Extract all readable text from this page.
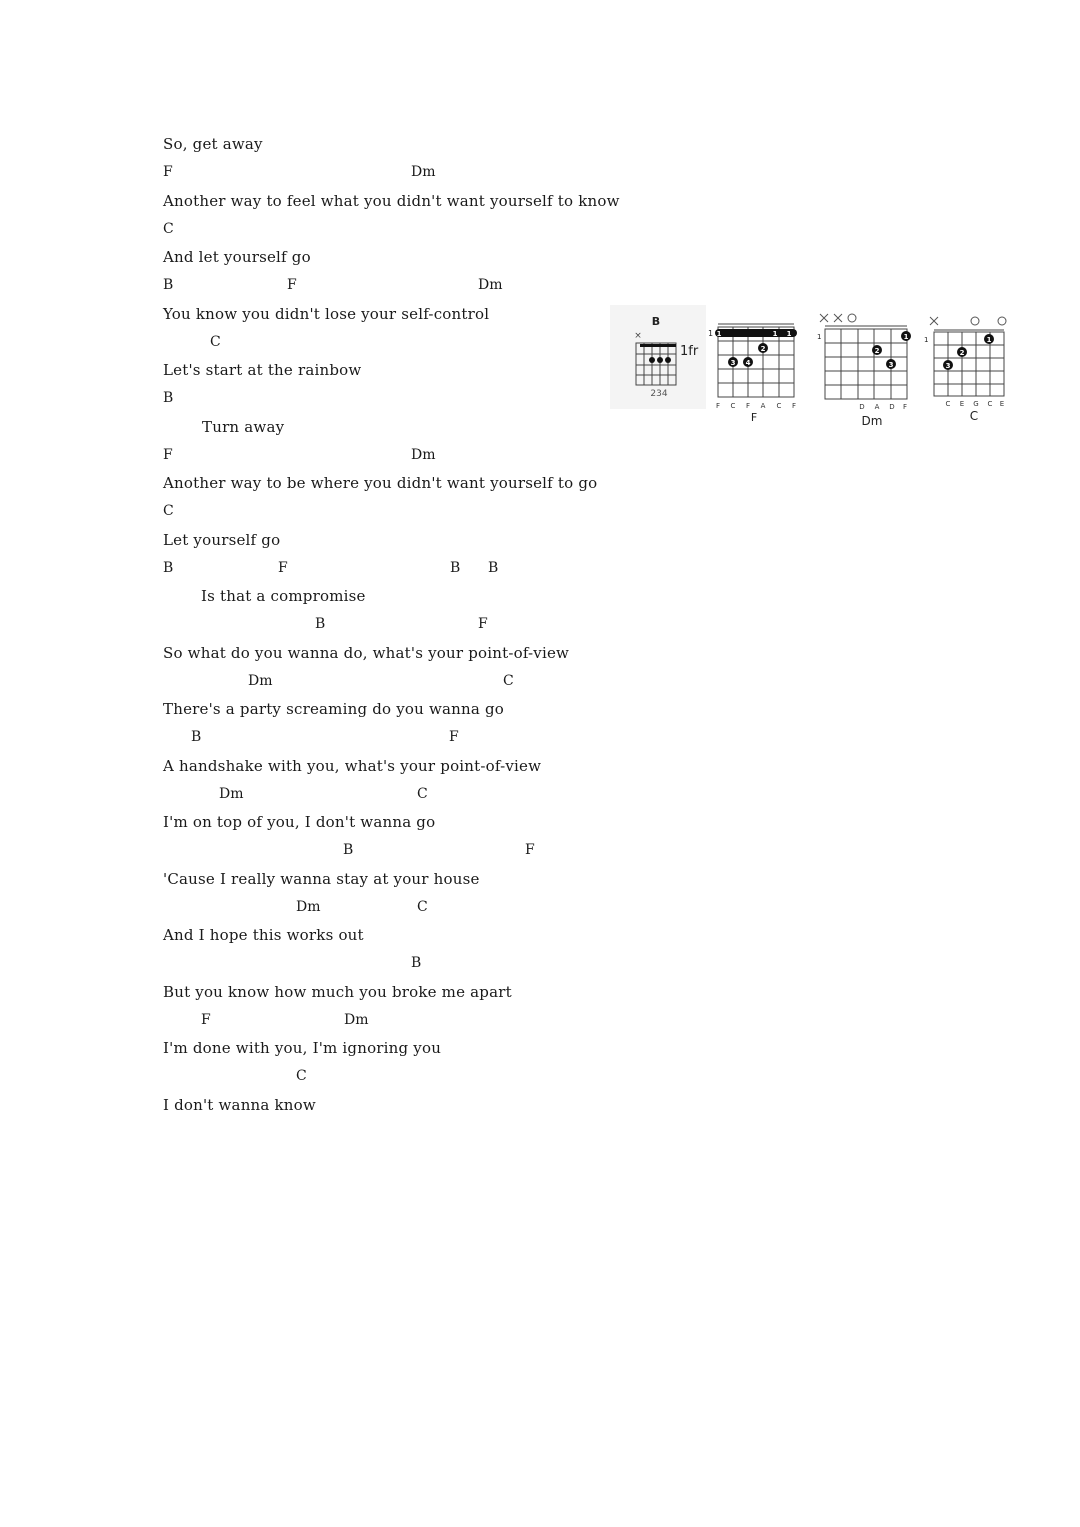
So, get away

F

	Dm

Another way to feel what you didn't want yourself to know

C

And let yourself go

B

	F

	Dm

You know you didn't lose your self-control

C

Let's start at the rainbow

B

Turn away

F

	Dm

Another way to be where you didn't want yourself to go

C

Let yourself go

B

	F

	B

B

Is that a compromise

B

	F

So what do you wanna do, what's your point-of-view

Dm

	C

There's a party screaming do you wanna go

B

	F

A handshake with you, what's your point-of-view

Dm

	C

I'm on top of you, I don't wanna go

B

	F

'Cause I really wanna stay at your house

Dm

	C

And I hope this works out

B

But you know how much you broke me apart

F

	Dm

I'm done with you, I'm ignoring you

C

I don't wanna know
B
×
1fr
234
1 1	1 1
2
3 4
F C F A C F
F
1	1
2
3
D A D F
Dm
1	1
2
3
C E G C E
C
